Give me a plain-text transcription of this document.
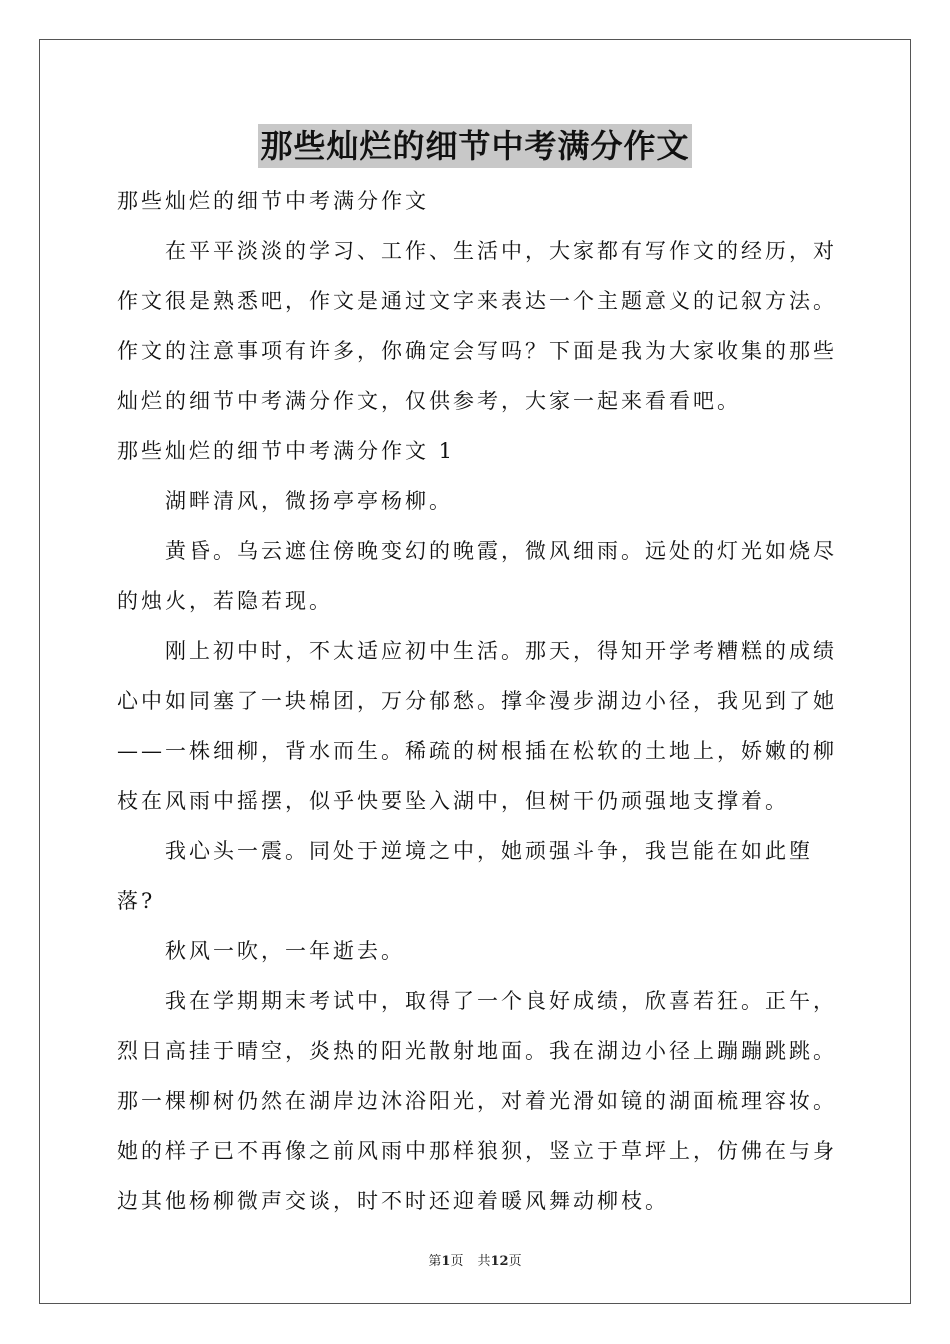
那些灿烂的细节中考满分作文

那些灿烂的细节中考满分作文

在平平淡淡的学习、工作、生活中，大家都有写作文的经历，对作文很是熟悉吧，作文是通过文字来表达一个主题意义的记叙方法。作文的注意事项有许多，你确定会写吗？下面是我为大家收集的那些灿烂的细节中考满分作文，仅供参考，大家一起来看看吧。

那些灿烂的细节中考满分作文 1

湖畔清风，微扬亭亭杨柳。

黄昏。乌云遮住傍晚变幻的晚霞，微风细雨。远处的灯光如烧尽的烛火，若隐若现。

刚上初中时，不太适应初中生活。那天，得知开学考糟糕的成绩心中如同塞了一块棉团，万分郁愁。撑伞漫步湖边小径，我见到了她——一株细柳，背水而生。稀疏的树根插在松软的土地上，娇嫩的柳枝在风雨中摇摆，似乎快要坠入湖中，但树干仍顽强地支撑着。

我心头一震。同处于逆境之中，她顽强斗争，我岂能在如此堕落?

秋风一吹，一年逝去。

我在学期期末考试中，取得了一个良好成绩，欣喜若狂。正午，烈日高挂于晴空，炎热的阳光散射地面。我在湖边小径上蹦蹦跳跳。那一棵柳树仍然在湖岸边沐浴阳光，对着光滑如镜的湖面梳理容妆。她的样子已不再像之前风雨中那样狼狈，竖立于草坪上，仿佛在与身边其他杨柳微声交谈，时不时还迎着暖风舞动柳枝。

第1页 共12页
